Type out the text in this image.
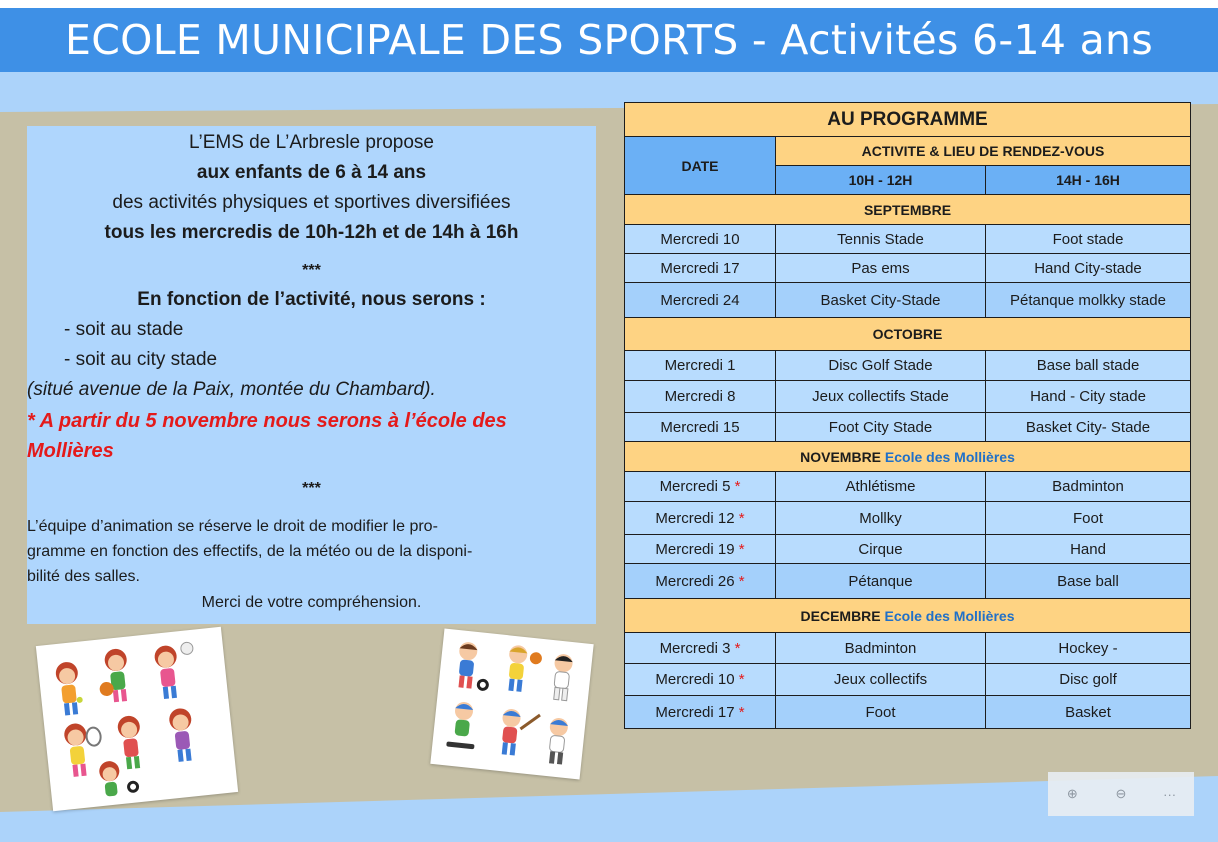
ECOLE MUNICIPALE DES SPORTS - Activités 6-14 ans
L’EMS de L’Arbresle propose
aux enfants de 6 à 14 ans
des activités physiques et sportives diversifiées
tous les mercredis de 10h-12h et de 14h à 16h
***
En fonction de l’activité, nous serons :
- soit au stade
- soit au city stade
(situé avenue de la Paix, montée du Chambard).
* A partir du 5 novembre nous serons à l’école des
Mollières
***
L’équipe d’animation se réserve le droit de modifier le pro-
gramme en fonction des effectifs, de la météo ou de la disponi-
bilité des salles.
Merci de votre compréhension.
AU PROGRAMME		
DATE	ACTIVITE & LIEU DE RENDEZ-VOUS	
	10H - 12H	14H - 16H
SEPTEMBRE		
Mercredi 10	Tennis Stade	Foot stade
Mercredi 17	Pas ems	Hand City-stade
Mercredi 24	Basket City-Stade	Pétanque molkky stade
OCTOBRE		
Mercredi 1	Disc Golf Stade	Base ball stade
Mercredi 8	Jeux collectifs Stade	Hand - City stade
Mercredi 15	Foot City Stade	Basket City- Stade
NOVEMBRE Ecole des Mollières		
Mercredi 5 *	Athlétisme	Badminton
Mercredi 12 *	Mollky	Foot
Mercredi 19 *	Cirque	Hand
Mercredi 26 *	Pétanque	Base ball
DECEMBRE Ecole des Mollières		
Mercredi 3 *	Badminton	Hockey -
Mercredi 10 *	Jeux collectifs	Disc golf
Mercredi 17 *	Foot	Basket
⊕	⊖	···
